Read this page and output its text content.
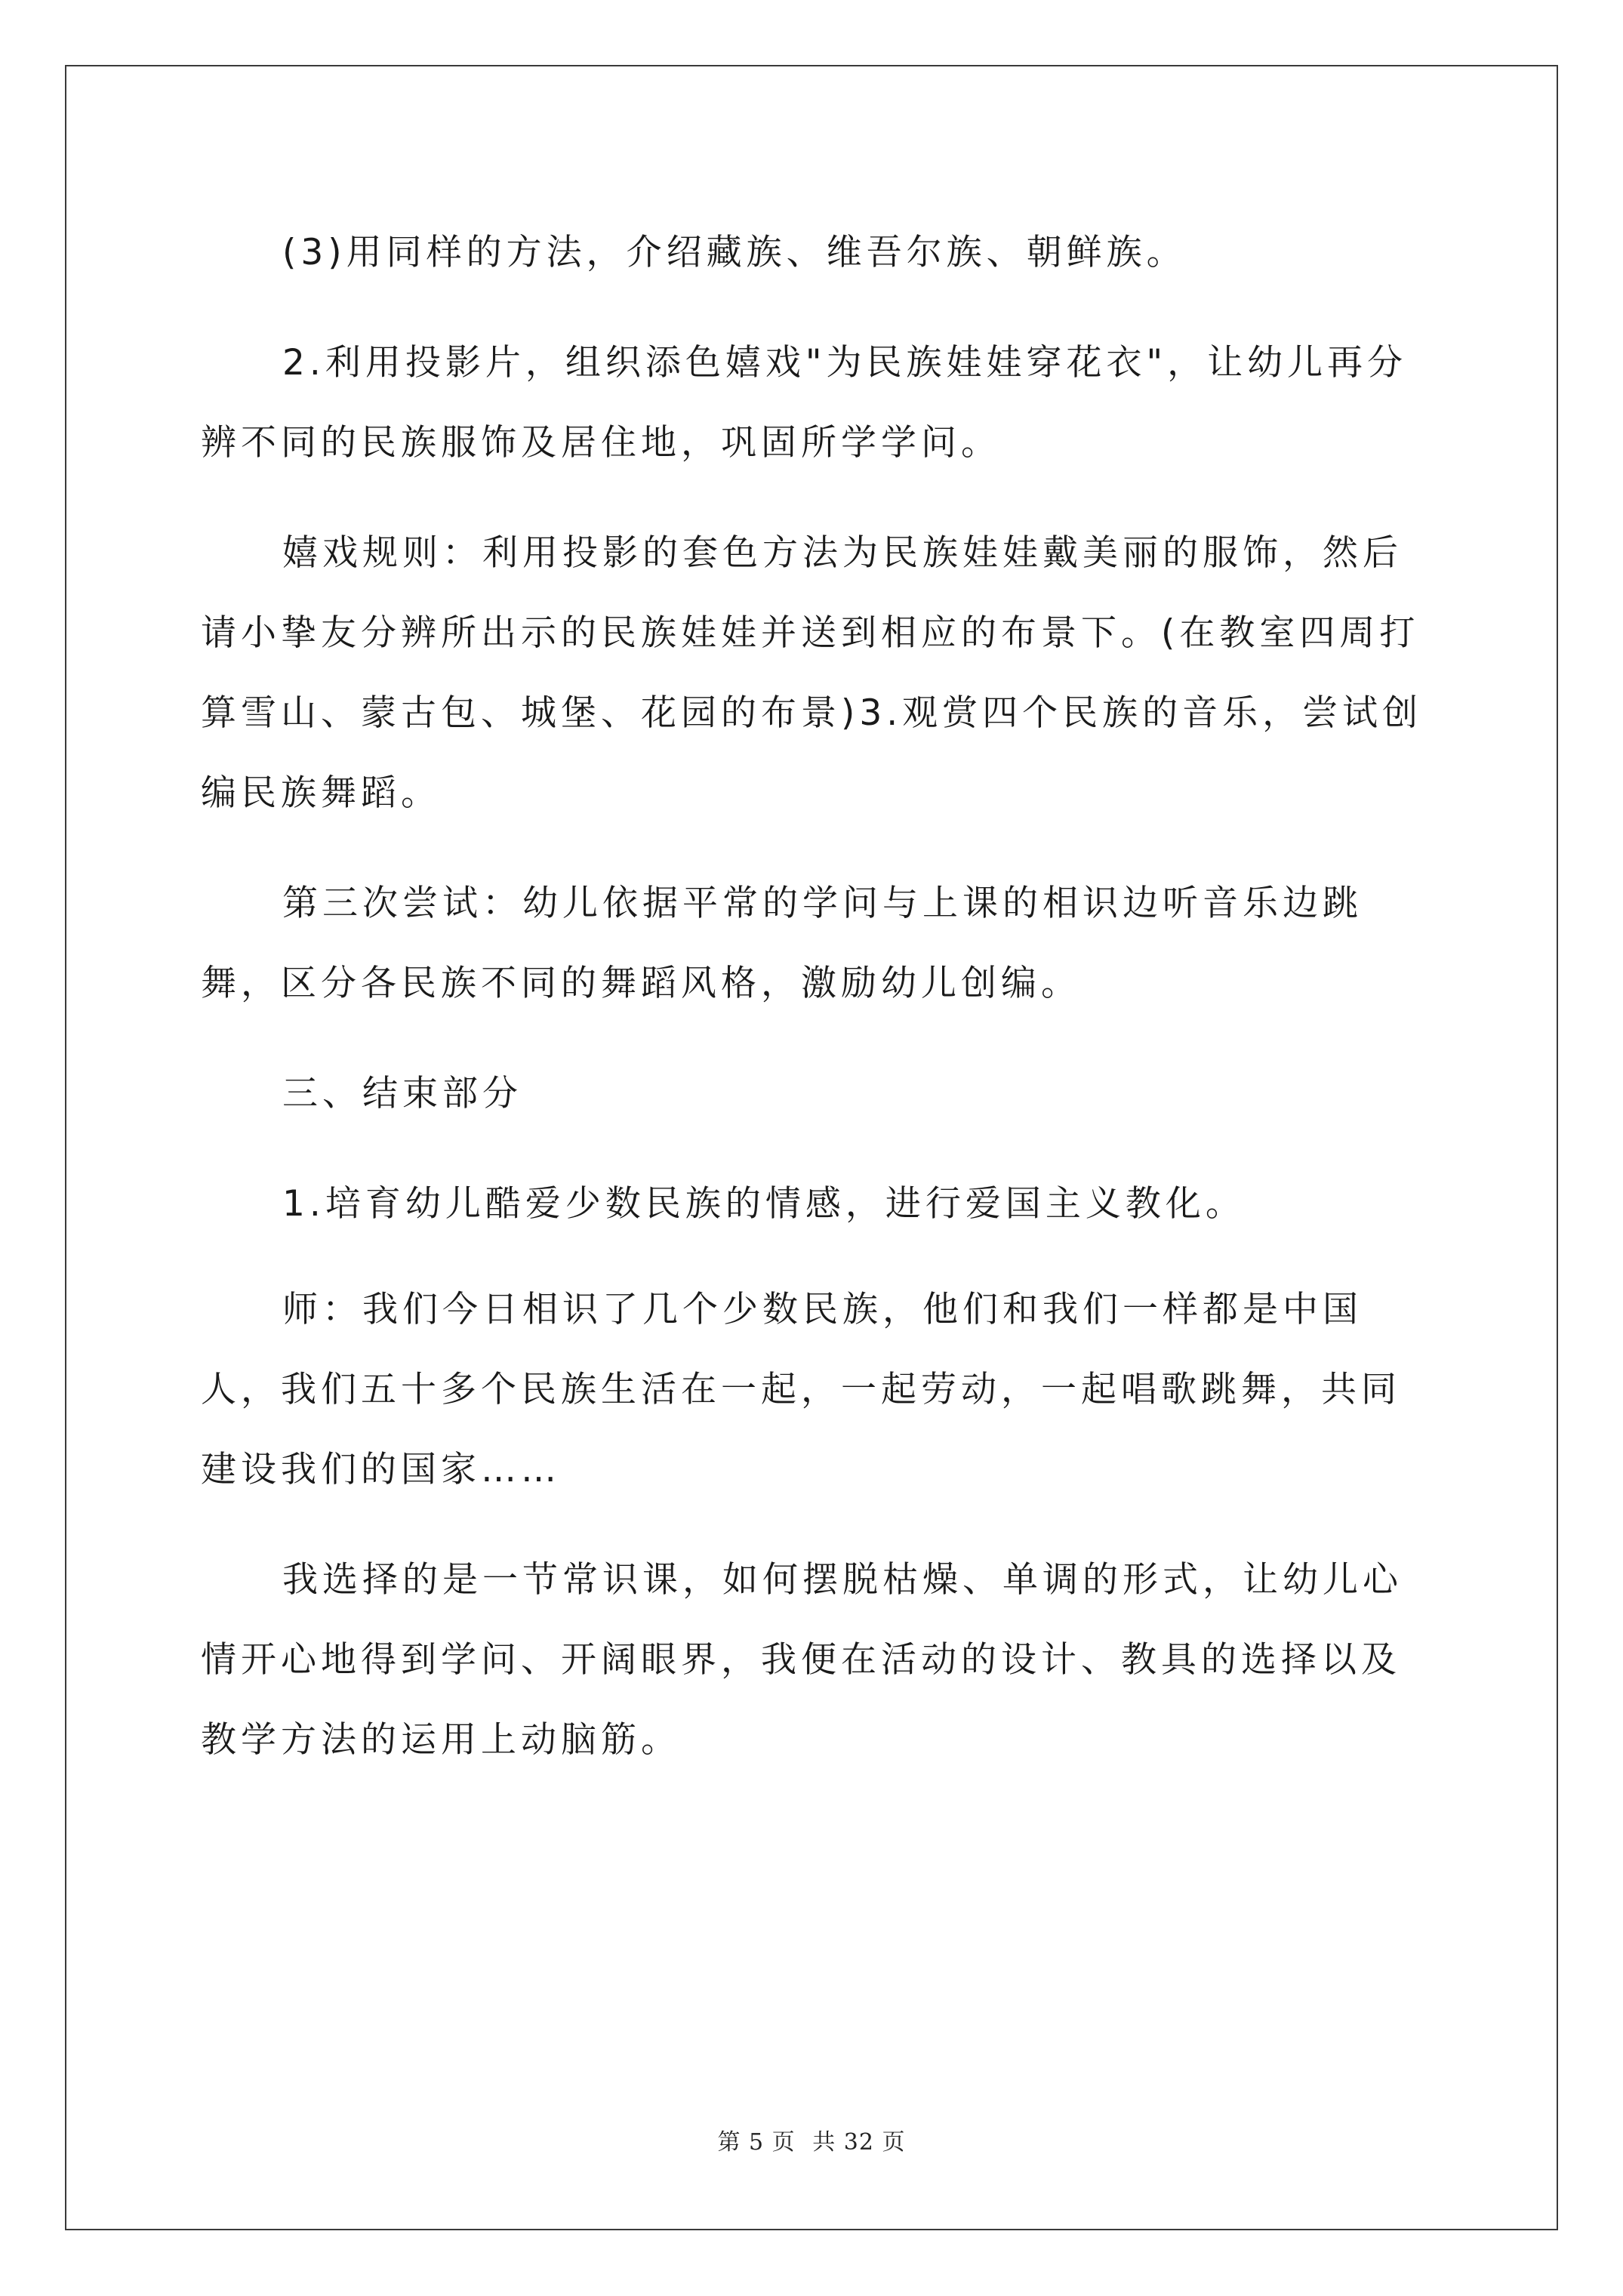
(3)用同样的方法，介绍藏族、维吾尔族、朝鲜族。

2.利用投影片，组织添色嬉戏"为民族娃娃穿花衣"，让幼儿再分辨不同的民族服饰及居住地，巩固所学学问。

嬉戏规则：利用投影的套色方法为民族娃娃戴美丽的服饰，然后请小挚友分辨所出示的民族娃娃并送到相应的布景下。(在教室四周打算雪山、蒙古包、城堡、花园的布景)3.观赏四个民族的音乐，尝试创编民族舞蹈。

第三次尝试：幼儿依据平常的学问与上课的相识边听音乐边跳舞，区分各民族不同的舞蹈风格，激励幼儿创编。

三、结束部分

1.培育幼儿酷爱少数民族的情感，进行爱国主义教化。

师：我们今日相识了几个少数民族，他们和我们一样都是中国人，我们五十多个民族生活在一起，一起劳动，一起唱歌跳舞，共同建设我们的国家……

我选择的是一节常识课，如何摆脱枯燥、单调的形式，让幼儿心情开心地得到学问、开阔眼界，我便在活动的设计、教具的选择以及教学方法的运用上动脑筋。

第 5 页 共 32 页
